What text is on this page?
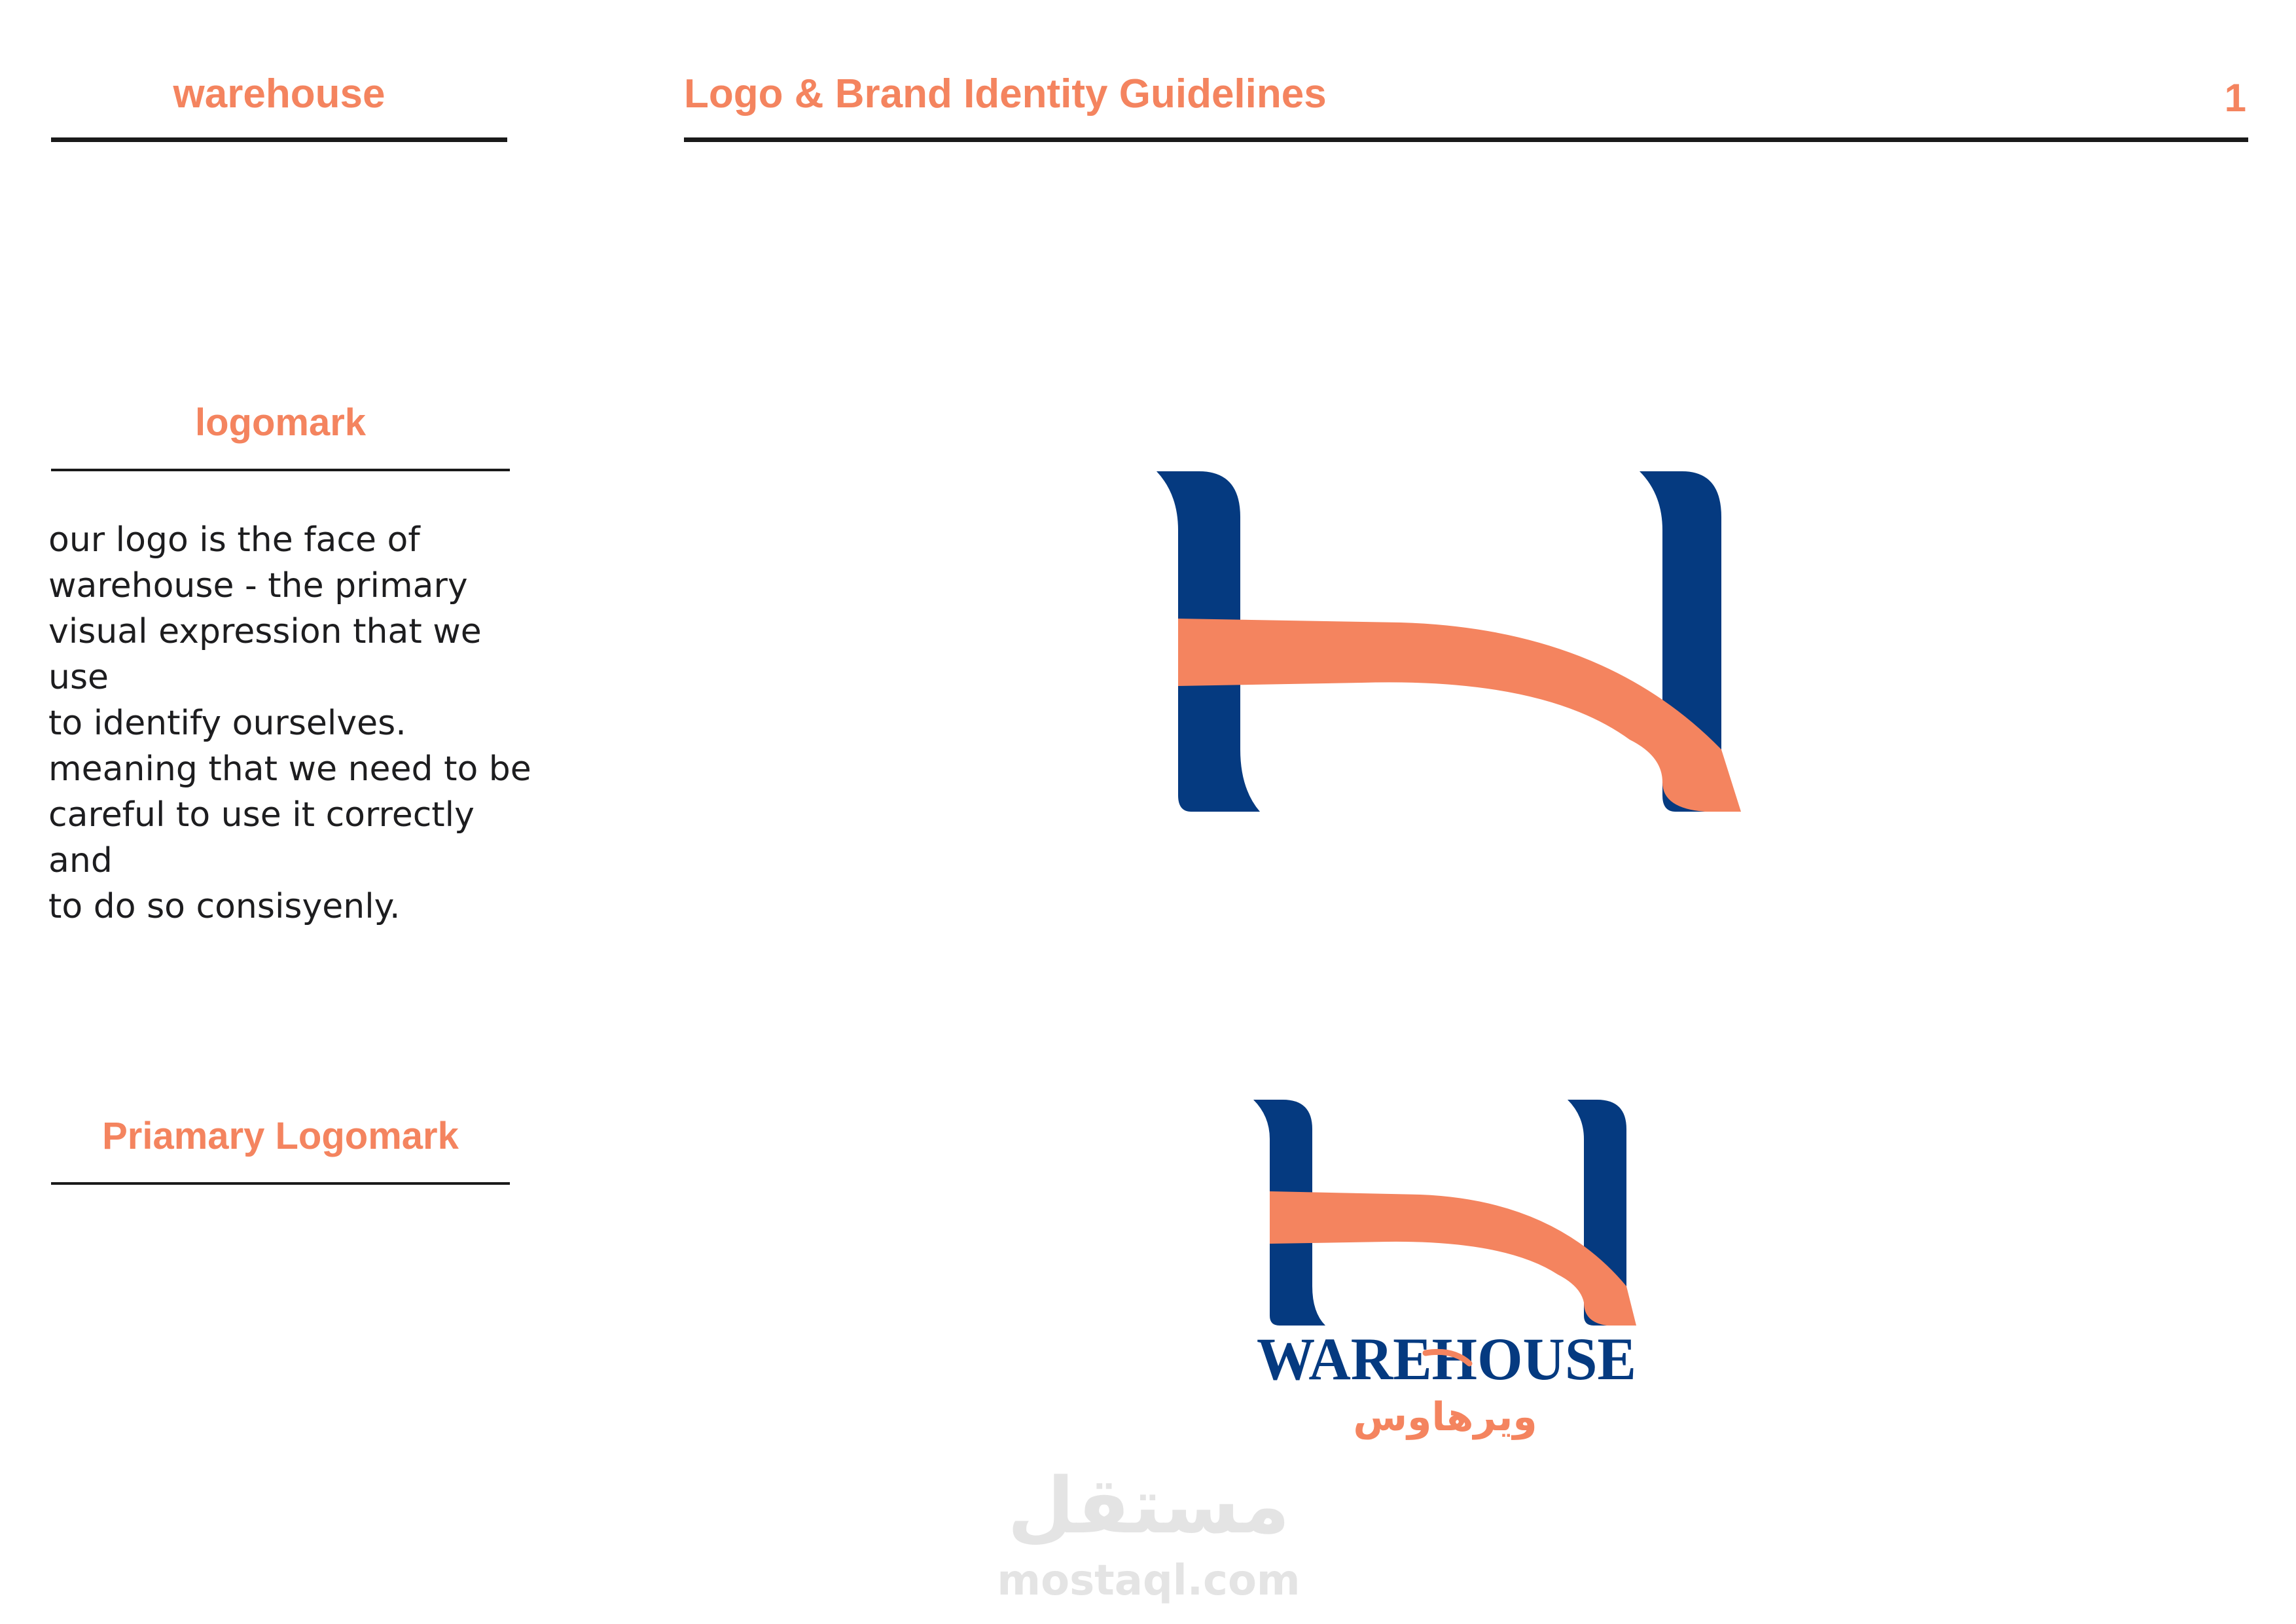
warehouse	Logo & Brand Identity Guidelines	1
logomark
our logo is the face of
warehouse - the primary
visual expression that we use
to identify ourselves.
meaning that we need to be
careful to use it correctly and
to do so consisyenly.
Priamary Logomark
WAREHOUSE
ويرهاوس
مستقل
mostaql.com
